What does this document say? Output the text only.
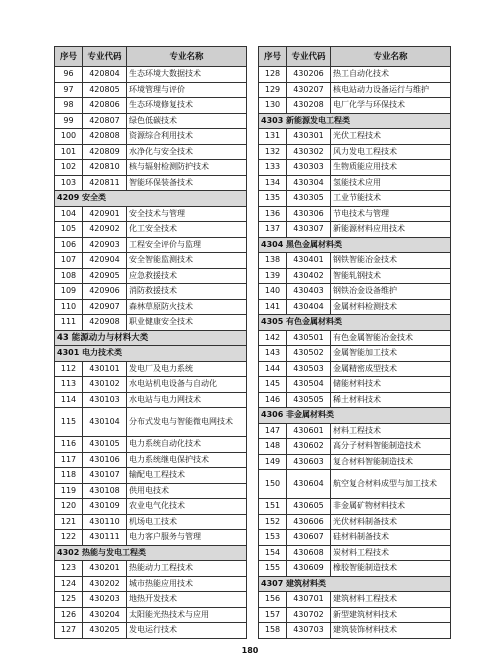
序号	专业代码	专业名称
96	420804	生态环境大数据技术
97	420805	环境管理与评价
98	420806	生态环境修复技术
99	420807	绿色低碳技术
100	420808	资源综合利用技术
101	420809	水净化与安全技术
102	420810	核与辐射检测防护技术
103	420811	智能环保装备技术
4209 安全类		
104	420901	安全技术与管理
105	420902	化工安全技术
106	420903	工程安全评价与监理
107	420904	安全智能监测技术
108	420905	应急救援技术
109	420906	消防救援技术
110	420907	森林草原防火技术
111	420908	职业健康安全技术
43 能源动力与材料大类		
4301 电力技术类		
112	430101	发电厂及电力系统
113	430102	水电站机电设备与自动化
114	430103	水电站与电力网技术
115	430104	分布式发电与智能微电网技术
116	430105	电力系统自动化技术
117	430106	电力系统继电保护技术
118	430107	输配电工程技术
119	430108	供用电技术
120	430109	农业电气化技术
121	430110	机场电工技术
122	430111	电力客户服务与管理
4302 热能与发电工程类		
123	430201	热能动力工程技术
124	430202	城市热能应用技术
125	430203	地热开发技术
126	430204	太阳能光热技术与应用
127	430205	发电运行技术
序号	专业代码	专业名称
128	430206	热工自动化技术
129	430207	核电站动力设备运行与维护
130	430208	电厂化学与环保技术
4303 新能源发电工程类		
131	430301	光伏工程技术
132	430302	风力发电工程技术
133	430303	生物质能应用技术
134	430304	氢能技术应用
135	430305	工业节能技术
136	430306	节电技术与管理
137	430307	新能源材料应用技术
4304 黑色金属材料类		
138	430401	钢铁智能冶金技术
139	430402	智能轧钢技术
140	430403	钢铁冶金设备维护
141	430404	金属材料检测技术
4305 有色金属材料类		
142	430501	有色金属智能冶金技术
143	430502	金属智能加工技术
144	430503	金属精密成型技术
145	430504	储能材料技术
146	430505	稀土材料技术
4306 非金属材料类		
147	430601	材料工程技术
148	430602	高分子材料智能制造技术
149	430603	复合材料智能制造技术
150	430604	航空复合材料成型与加工技术
151	430605	非金属矿物材料技术
152	430606	光伏材料制备技术
153	430607	硅材料制备技术
154	430608	炭材料工程技术
155	430609	橡胶智能制造技术
4307 建筑材料类		
156	430701	建筑材料工程技术
157	430702	新型建筑材料技术
158	430703	建筑装饰材料技术
180
